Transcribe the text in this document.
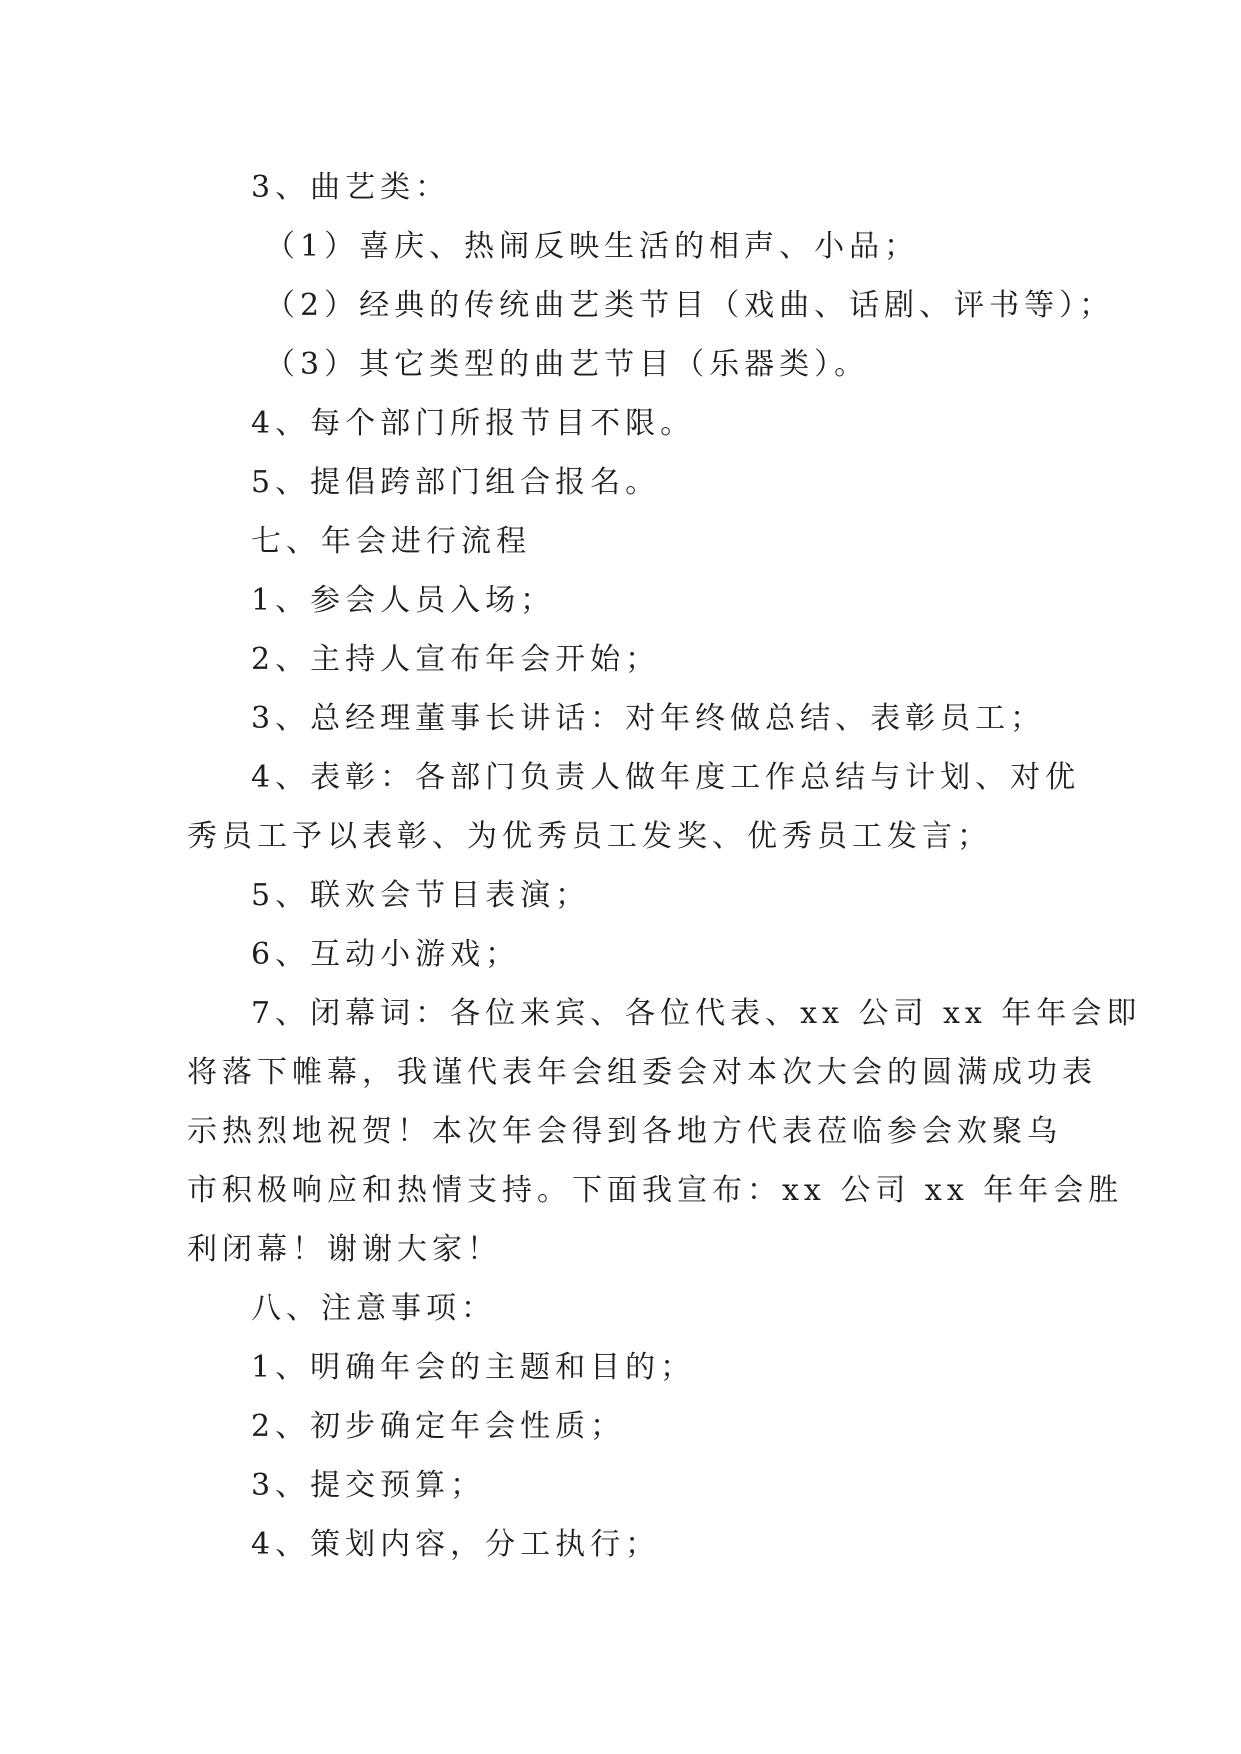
3、曲艺类：

（1）喜庆、热闹反映生活的相声、小品；

（2）经典的传统曲艺类节目（戏曲、话剧、评书等）；

（3）其它类型的曲艺节目（乐器类）。

4、每个部门所报节目不限。

5、提倡跨部门组合报名。

七、年会进行流程

1、参会人员入场；

2、主持人宣布年会开始；

3、总经理董事长讲话：对年终做总结、表彰员工；

4、表彰：各部门负责人做年度工作总结与计划、对优

秀员工予以表彰、为优秀员工发奖、优秀员工发言；

5、联欢会节目表演；

6、互动小游戏；

7、闭幕词：各位来宾、各位代表、xx 公司 xx 年年会即

将落下帷幕，我谨代表年会组委会对本次大会的圆满成功表

示热烈地祝贺！本次年会得到各地方代表莅临参会欢聚乌

市积极响应和热情支持。下面我宣布：xx 公司 xx 年年会胜

利闭幕！谢谢大家！

八、注意事项：

1、明确年会的主题和目的；

2、初步确定年会性质；

3、提交预算；

4、策划内容，分工执行；
